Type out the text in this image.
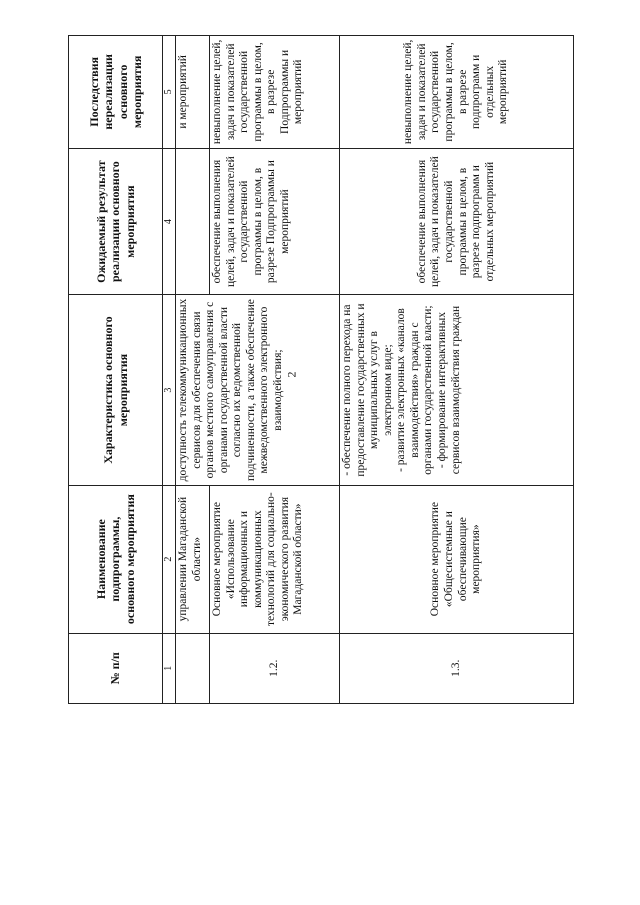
2
№ п/п	Наименование подпрограммы, основного мероприятия	Характеристика основного мероприятия	Ожидаемый результат реализации основного мероприятия	Последствия нереализации основного мероприятия
1	2	3	4	5
	управлении Магаданской области»	доступность телекоммуникационных сервисов для обеспечения связи органов местного самоуправления с органами государственной власти согласно их ведомственной подчиненности, а также обеспечение межведомственного электронного взаимодействия;		и мероприятий
1.2.	Основное мероприятие «Использование информационных и коммуникационных технологий для социально-экономического развития Магаданской области»		обеспечение выполнения целей, задач и показателей государственной программы в целом, в разрезе Подпрограммы и мероприятий	невыполнение целей, задач и показателей государственной программы в целом, в разрезе Подпрограммы и мероприятий
1.3.	Основное мероприятие «Общесистемные и обеспечивающие мероприятия»	- обеспечение полного перехода на предоставление государственных и муниципальных услуг в электронном виде; - развитие электронных «каналов взаимодействия» граждан с органами государственной власти; - формирование интерактивных сервисов взаимодействия граждан	обеспечение выполнения целей, задач и показателей государственной программы в целом, в разрезе подпрограмм и отдельных мероприятий	невыполнение целей, задач и показателей государственной программы в целом, в разрезе подпрограмм и отдельных мероприятий
